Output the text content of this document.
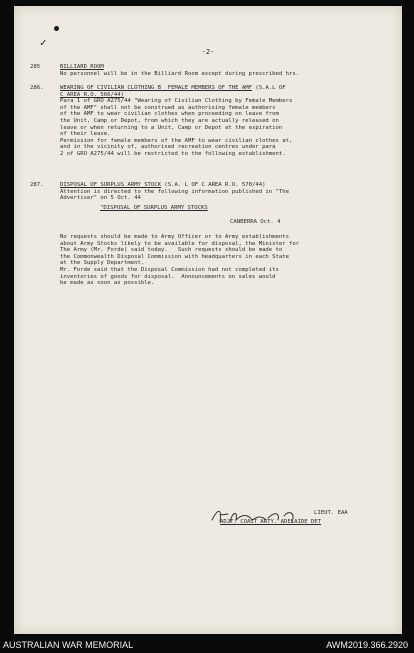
✓
-2-
285	BILLIARD ROOM

No personnel will be in the Billiard Room except during prescribed hrs.

286.	WEARING OF CIVILIAN CLOTHING B  FEMALE MEMBERS OF THE AMF (S.A.L OF

C AREA R.O. 566/44)

Para 1 of GRO A275/44 "Wearing of Civilian Clothing by Female Members

of the AMF" shall not be construed as authorising female members

of the AMF to wear civilian clothes when proceeding on leave from

the Unit, Camp or Depot, from which they are actually released on

leave or when returning to a Unit, Camp or Depot at the expiration

of their leave.

Permission for female members of the AMF to wear civilian clothes at,

and in the vicinity of, authorised recreation centres under para

2 of GRO A275/44 will be restricted to the following establishment.

287.	DISPOSAL OF SURPLUS ARMY STOCK (S.A. L OF C AREA R.O. 570/44)

Attention is directed to the following information published in "The

Advertiser" on 5 Oct. 44

"DISPOSAL OF SURPLUS ARMY STOCKS

CANBERRA Oct. 4

No requests should be made to Army Officer or to Army establishments

about Army Stocks likely to be available for disposal, the Minister for

The Army (Mr. Forde) said today.   Such requests should be made to

the Commonwealth Disposal Commission with headquarters in each State

at the Supply Department.

Mr. Forde said that the Disposal Commission had not completed its

inventories of goods for disposal.  Announcements on sales would

be made as soon as possible.

LIEUT. EAA

ADJT. COAST ARTY. ADELAIDE DET

AUSTRALIAN WAR MEMORIAL	AWM2019.366.2920
